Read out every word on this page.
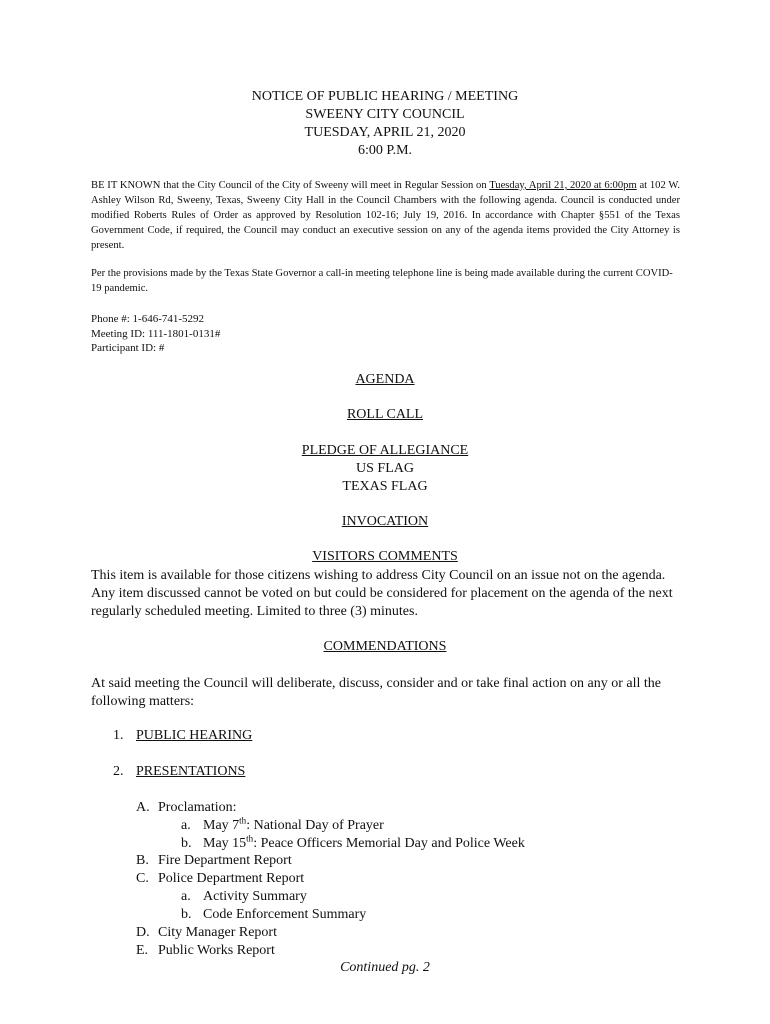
NOTICE OF PUBLIC HEARING / MEETING
SWEENY CITY COUNCIL
TUESDAY, APRIL 21, 2020
6:00 P.M.
BE IT KNOWN that the City Council of the City of Sweeny will meet in Regular Session on Tuesday, April 21, 2020 at 6:00pm at 102 W. Ashley Wilson Rd, Sweeny, Texas, Sweeny City Hall in the Council Chambers with the following agenda. Council is conducted under modified Roberts Rules of Order as approved by Resolution 102-16; July 19, 2016. In accordance with Chapter §551 of the Texas Government Code, if required, the Council may conduct an executive session on any of the agenda items provided the City Attorney is present.
Per the provisions made by the Texas State Governor a call-in meeting telephone line is being made available during the current COVID-19 pandemic.
Phone #: 1-646-741-5292
Meeting ID: 111-1801-0131#
Participant ID: #
AGENDA
ROLL CALL
PLEDGE OF ALLEGIANCE
US FLAG
TEXAS FLAG
INVOCATION
VISITORS COMMENTS
This item is available for those citizens wishing to address City Council on an issue not on the agenda. Any item discussed cannot be voted on but could be considered for placement on the agenda of the next regularly scheduled meeting. Limited to three (3) minutes.
COMMENDATIONS
At said meeting the Council will deliberate, discuss, consider and or take final action on any or all the following matters:
1. PUBLIC HEARING
2. PRESENTATIONS
A. Proclamation:
a. May 7th: National Day of Prayer
b. May 15th: Peace Officers Memorial Day and Police Week
B. Fire Department Report
C. Police Department Report
a. Activity Summary
b. Code Enforcement Summary
D. City Manager Report
E. Public Works Report
Continued pg. 2
